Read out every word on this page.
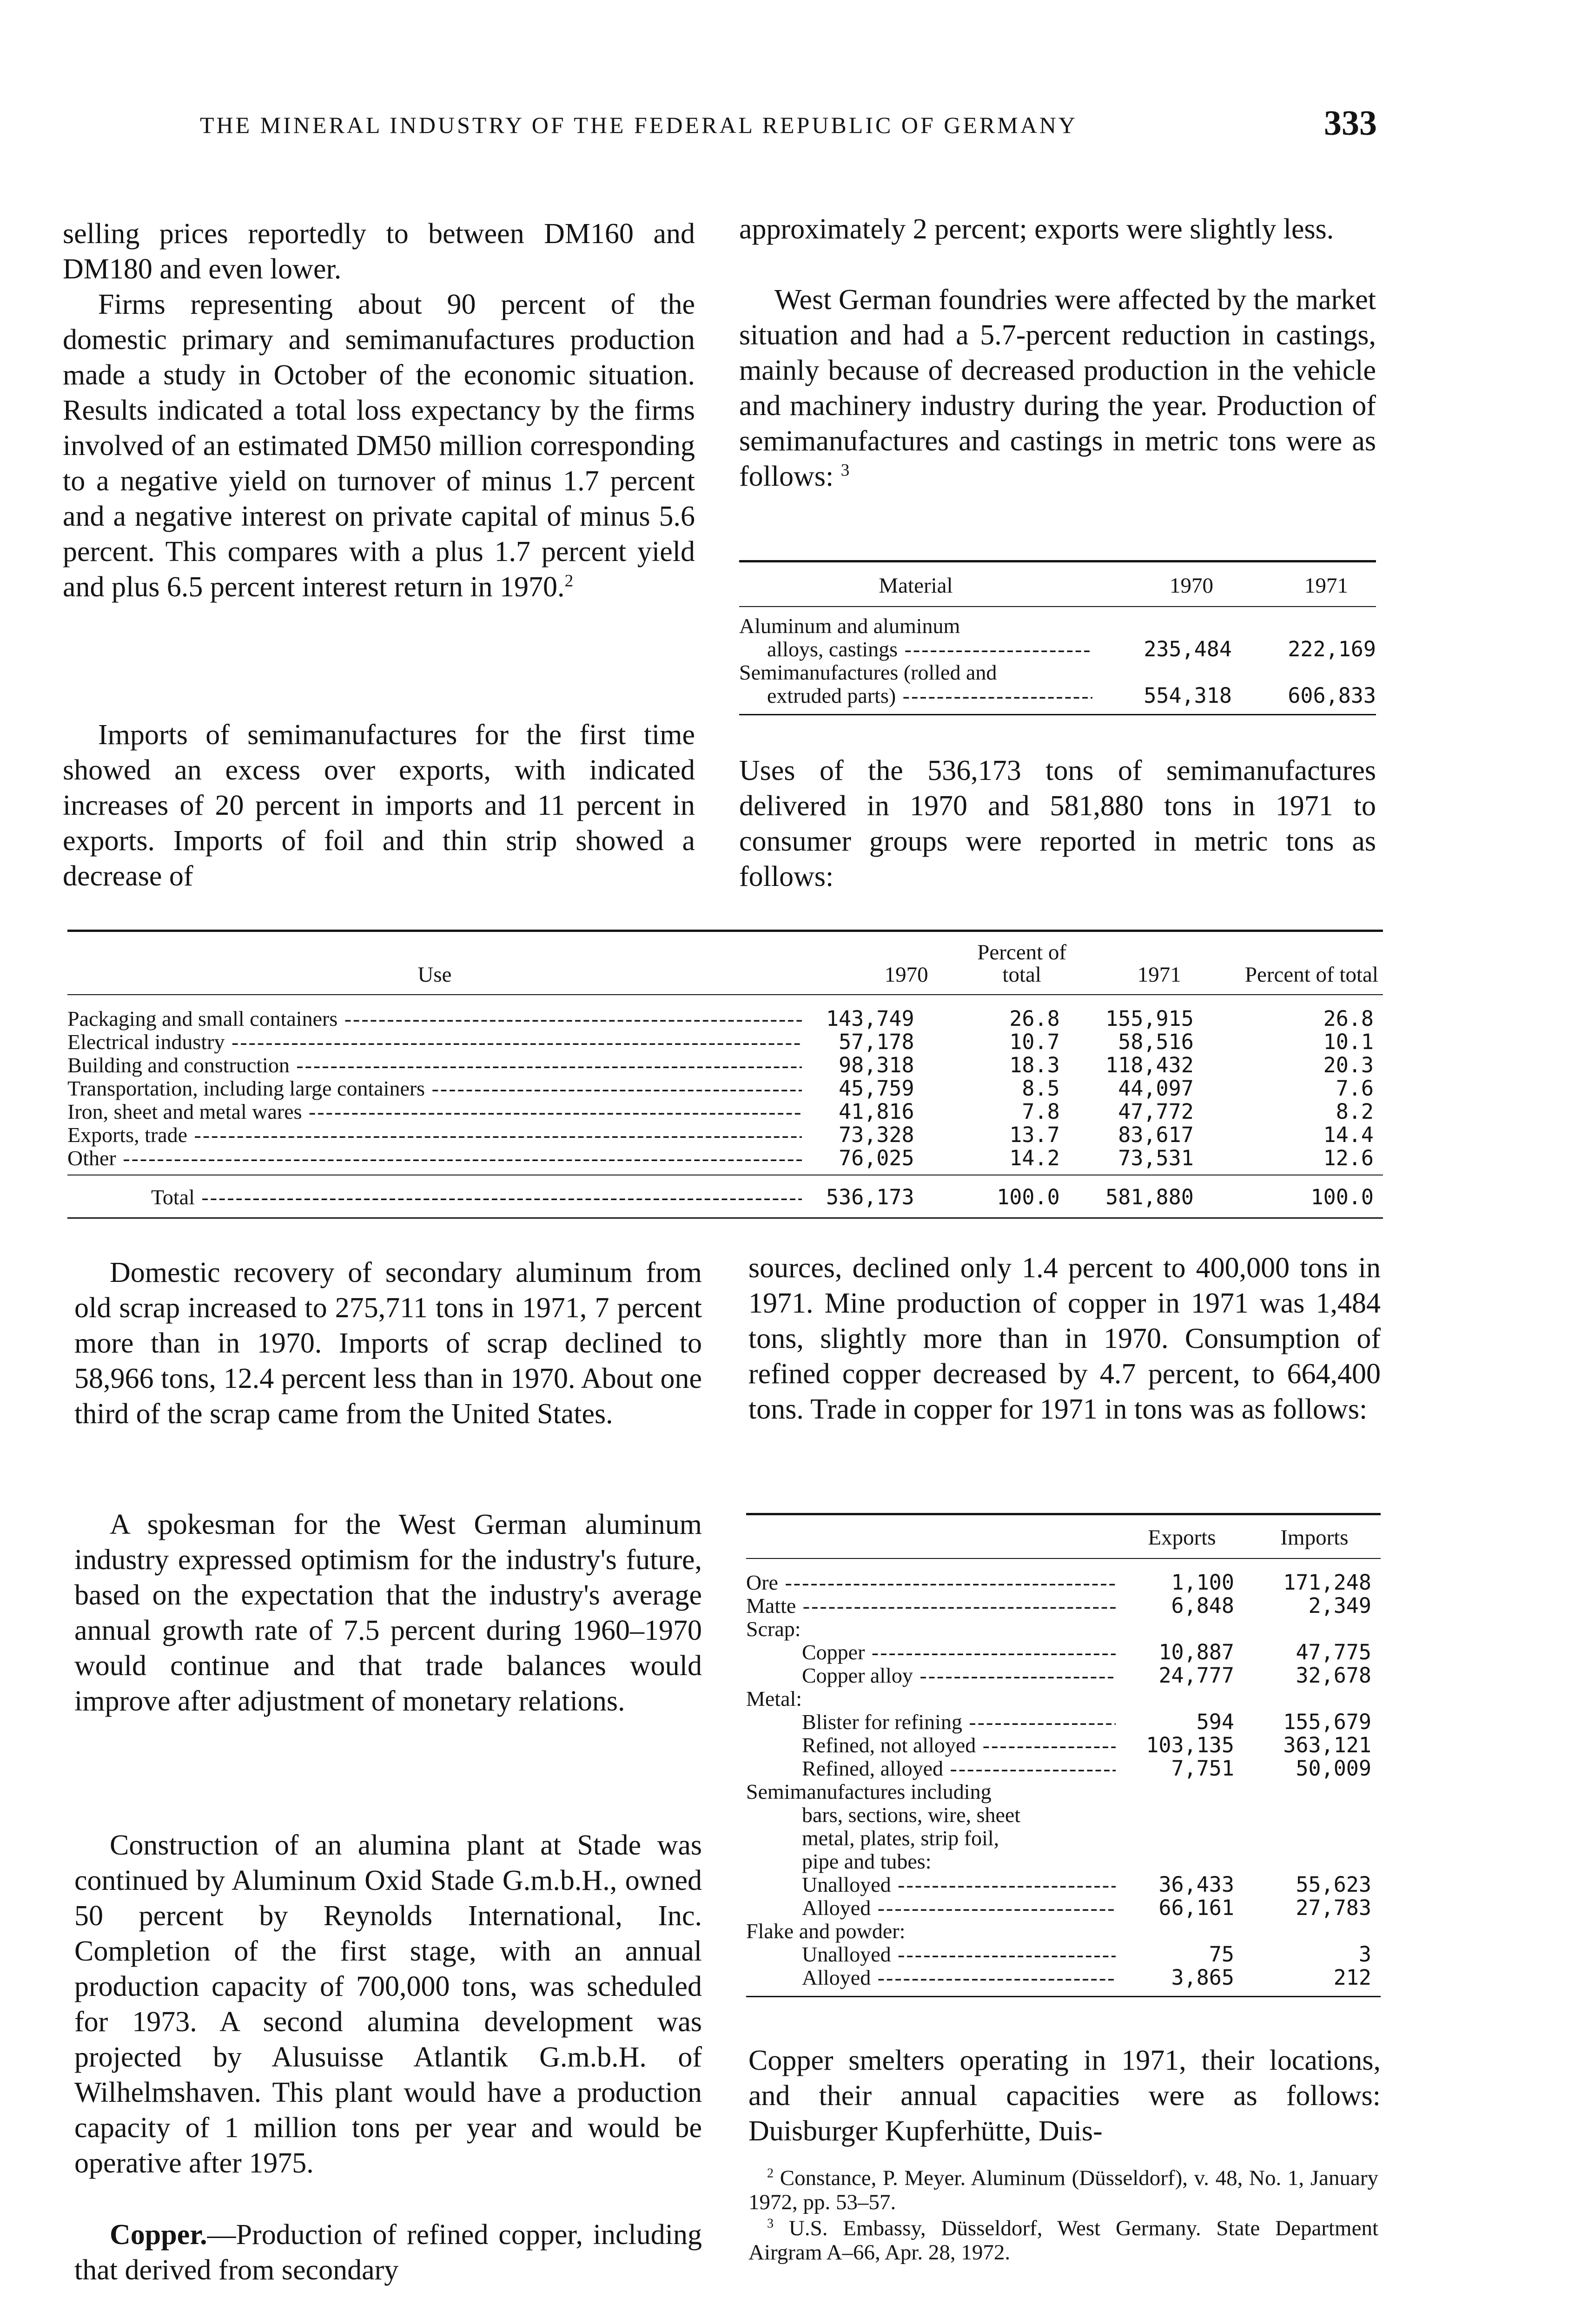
THE MINERAL INDUSTRY OF THE FEDERAL REPUBLIC OF GERMANY	333

selling prices reportedly to between DM160 and DM180 and even lower.

Firms representing about 90 percent of the domestic primary and semimanufactures production made a study in October of the economic situation. Results indicated a total loss expectancy by the firms involved of an estimated DM50 million corresponding to a negative yield on turnover of minus 1.7 percent and a negative interest on private capital of minus 5.6 percent. This compares with a plus 1.7 percent yield and plus 6.5 percent interest return in 1970.$^2$

Imports of semimanufactures for the first time showed an excess over exports, with indicated increases of 20 percent in imports and 11 percent in exports. Imports of foil and thin strip showed a decrease of

approximately 2 percent; exports were slightly less.

West German foundries were affected by the market situation and had a 5.7-percent reduction in castings, mainly because of decreased production in the vehicle and machinery industry during the year. Production of semimanufactures and castings in metric tons were as follows: $^3$

Material	1970	1971
Aluminum and aluminum		
alloys, castings -----	235,484	222,169
Semimanufactures (rolled and		
extruded parts) -----	554,318	606,833

Uses of the 536,173 tons of semimanufactures delivered in 1970 and 581,880 tons in 1971 to consumer groups were reported in metric tons as follows:

Use	1970	Percent of total	1971	Percent of total

Packaging and small containers -----	143,749	26.8	155,915	26.8
Electrical industry -----	57,178	10.7	58,516	10.1
Building and construction -----	98,318	18.3	118,432	20.3
Transportation, including large containers -----	45,759	8.5	44,097	7.6
Iron, sheet and metal wares -----	41,816	7.8	47,772	8.2
Exports, trade -----	73,328	13.7	83,617	14.4
Other -----	76,025	14.2	73,531	12.6
Total -----	536,173	100.0	581,880	100.0

Domestic recovery of secondary aluminum from old scrap increased to 275,711 tons in 1971, 7 percent more than in 1970. Imports of scrap declined to 58,966 tons, 12.4 percent less than in 1970. About one third of the scrap came from the United States.

A spokesman for the West German aluminum industry expressed optimism for the industry's future, based on the expectation that the industry's average annual growth rate of 7.5 percent during 1960–1970 would continue and that trade balances would improve after adjustment of monetary relations.

Construction of an alumina plant at Stade was continued by Aluminum Oxid Stade G.m.b.H., owned 50 percent by Reynolds International, Inc. Completion of the first stage, with an annual production capacity of 700,000 tons, was scheduled for 1973. A second alumina development was projected by Alusuisse Atlantik G.m.b.H. of Wilhelmshaven. This plant would have a production capacity of 1 million tons per year and would be operative after 1975.

Copper.—Production of refined copper, including that derived from secondary

sources, declined only 1.4 percent to 400,000 tons in 1971. Mine production of copper in 1971 was 1,484 tons, slightly more than in 1970. Consumption of refined copper decreased by 4.7 percent, to 664,400 tons. Trade in copper for 1971 in tons was as follows:

	Exports	Imports

Ore -----	1,100	171,248
Matte -----	6,848	2,349
Scrap:		
Copper -----	10,887	47,775
Copper alloy -----	24,777	32,678
Metal:		
Blister for refining -----	594	155,679
Refined, not alloyed -----	103,135	363,121
Refined, alloyed -----	7,751	50,009
Semimanufactures including		
bars, sections, wire, sheet		
metal, plates, strip foil,		
pipe and tubes:		
Unalloyed -----	36,433	55,623
Alloyed -----	66,161	27,783
Flake and powder:		
Unalloyed -----	75	3
Alloyed -----	3,865	212

Copper smelters operating in 1971, their locations, and their annual capacities were as follows: Duisburger Kupferhütte, Duis-

$^2$ Constance, P. Meyer. Aluminum (Düsseldorf), v. 48, No. 1, January 1972, pp. 53–57.

$^3$ U.S. Embassy, Düsseldorf, West Germany. State Department Airgram A–66, Apr. 28, 1972.
